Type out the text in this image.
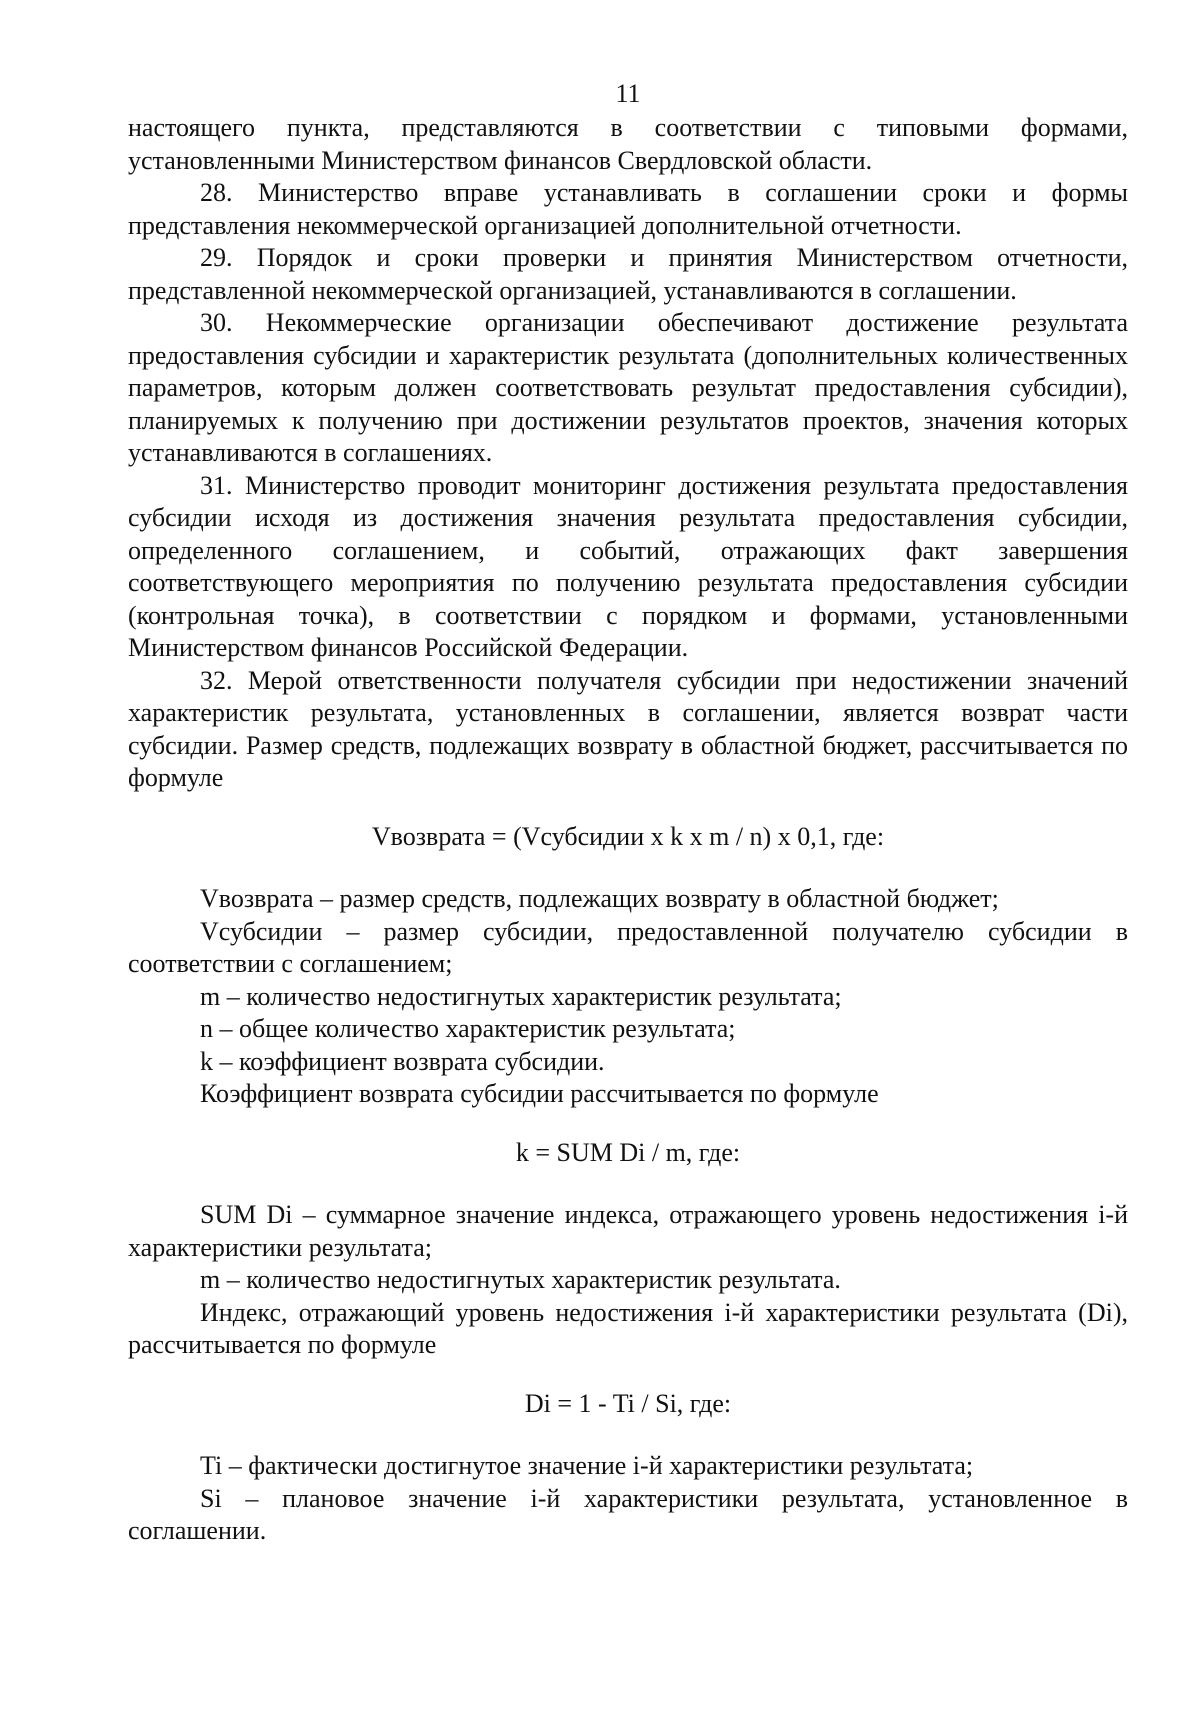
11

настоящего пункта, представляются в соответствии с типовыми формами, установленными Министерством финансов Свердловской области.

28. Министерство вправе устанавливать в соглашении сроки и формы представления некоммерческой организацией дополнительной отчетности.

29. Порядок и сроки проверки и принятия Министерством отчетности, представленной некоммерческой организацией, устанавливаются в соглашении.

30. Некоммерческие организации обеспечивают достижение результата предоставления субсидии и характеристик результата (дополнительных количественных параметров, которым должен соответствовать результат предоставления субсидии), планируемых к получению при достижении результатов проектов, значения которых устанавливаются в соглашениях.

31. Министерство проводит мониторинг достижения результата предоставления субсидии исходя из достижения значения результата предоставления субсидии, определенного соглашением, и событий, отражающих факт завершения соответствующего мероприятия по получению результата предоставления субсидии (контрольная точка), в соответствии с порядком и формами, установленными Министерством финансов Российской Федерации.

32. Мерой ответственности получателя субсидии при недостижении значений характеристик результата, установленных в соглашении, является возврат части субсидии. Размер средств, подлежащих возврату в областной бюджет, рассчитывается по формуле

Vвозврата = (Vсубсидии x k x m / n) x 0,1, где:

Vвозврата – размер средств, подлежащих возврату в областной бюджет;

Vсубсидии – размер субсидии, предоставленной получателю субсидии в соответствии с соглашением;

m – количество недостигнутых характеристик результата;

n – общее количество характеристик результата;

k – коэффициент возврата субсидии.

Коэффициент возврата субсидии рассчитывается по формуле

k = SUM Di / m, где:

SUM Di – суммарное значение индекса, отражающего уровень недостижения i-й характеристики результата;

m – количество недостигнутых характеристик результата.

Индекс, отражающий уровень недостижения i-й характеристики результата (Di), рассчитывается по формуле

Di = 1 - Ti / Si, где:

Ti – фактически достигнутое значение i-й характеристики результата;

Si – плановое значение i-й характеристики результата, установленное в соглашении.
